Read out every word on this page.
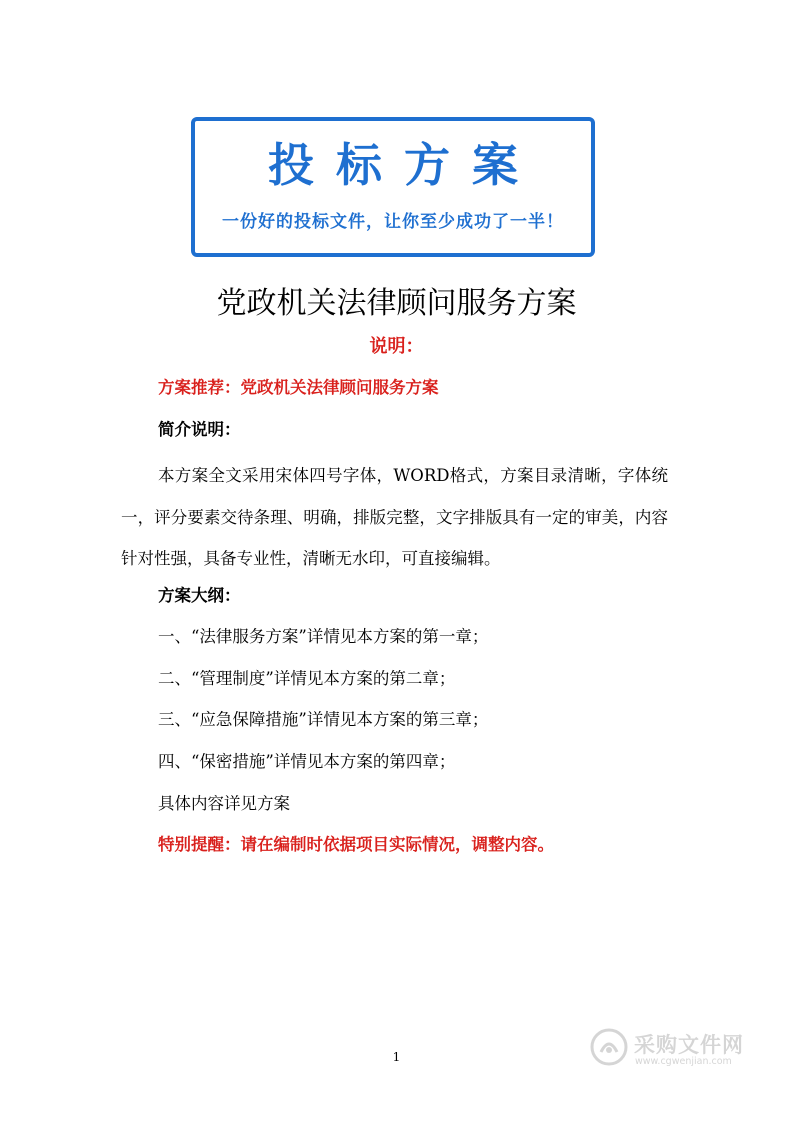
投标方案
一份好的投标文件，让你至少成功了一半！
党政机关法律顾问服务方案
说明：
方案推荐：党政机关法律顾问服务方案
简介说明：

本方案全文采用宋体四号字体，WORD格式，方案目录清晰，字体统一，评分要素交待条理、明确，排版完整，文字排版具有一定的审美，内容针对性强，具备专业性，清晰无水印，可直接编辑。

方案大纲：
一、“法律服务方案”详情见本方案的第一章；
二、“管理制度”详情见本方案的第二章；
三、“应急保障措施”详情见本方案的第三章；
四、“保密措施”详情见本方案的第四章；
具体内容详见方案
特别提醒：请在编制时依据项目实际情况，调整内容。
1	采购文件网
www.cgwenjian.com
